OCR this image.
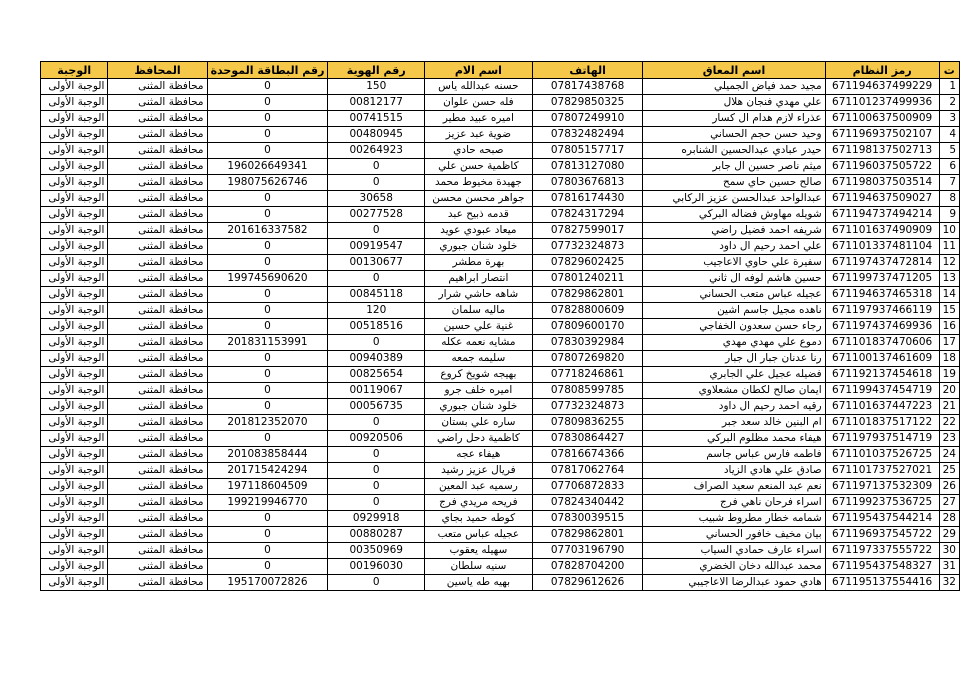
ت	رمز النظام	اسم المعاق	الهاتف	اسم الام	رقم الهوية	رقم البطاقة الموحدة	المحافظ	الوجبة
1	671194637499229	مجيد حمد فياض الجميلي	07817438768	حسنه عبدالله ياس	150	0	محافظة المثنى	الوجبة الأولى
2	671101237499936	علي مهدي فنجان هلال	07829850325	فله حسن علوان	00812177	0	محافظة المثنى	الوجبة الأولى
3	671100637500909	عذراء لازم هدام ال كسار	07807249910	اميره عبيد مطير	00741515	0	محافظة المثنى	الوجبة الأولى
4	671196937502107	وحيد حسن حجم الحساني	07832482494	ضوية عبد عزيز	00480945	0	محافظة المثنى	الوجبة الأولى
5	671198137502713	حيدر عبادي عبدالحسين الشنابره	07805157717	صبحه حادي	00264923	0	محافظة المثنى	الوجبة الأولى
6	671196037505722	ميثم ناصر حسين ال جابر	07813127080	كاظمية حسن علي	0	196026649341	محافظة المثنى	الوجبة الأولى
7	671198037503514	صالح حسين حاي سمح	07803676813	جهيدة مخيوط محمد	0	198075626746	محافظة المثنى	الوجبة الأولى
8	671194637509027	عبدالواحد عبدالحسن عزيز الركابي	07816174430	جواهر محسن محسن	30658	0	محافظة المثنى	الوجبة الأولى
9	671194737494214	شويله مهاوش فضاله البركي	07824317294	قدمه ذبيح عبد	00277528	0	محافظة المثنى	الوجبة الأولى
10	671101637490909	شريفه احمد فضيل راضي	07827599017	ميعاد عبودي عويد	0	201616337582	محافظة المثنى	الوجبة الأولى
11	671101337481104	علي احمد رحيم ال داود	07732324873	خلود شنان جبوري	00919547	0	محافظة المثنى	الوجبة الأولى
12	671197437472814	سفيرة علي حاوي الاعاجيب	07829602425	بهرة مطشر	00130677	0	محافظة المثنى	الوجبة الأولى
13	671199737471205	حسين هاشم لوفه ال ثاني	07801240211	انتصار ابراهيم	0	199745690620	محافظة المثنى	الوجبة الأولى
14	671194637465318	عجيله عباس متعب الحساني	07829862801	شاهه حاشي شرار	00845118	0	محافظة المثنى	الوجبة الأولى
15	671197937466119	ناهده مجيل جاسم اشين	07828800609	ماليه سلمان	120	0	محافظة المثنى	الوجبة الأولى
16	671197437469936	رجاء حسن سعدون الخفاجي	07809600170	غنية علي حسين	00518516	0	محافظة المثنى	الوجبة الأولى
17	671101837470606	دموع علي مهدي مهدي	07830392984	مشايه نعمه عكله	0	201831153991	محافظة المثنى	الوجبة الأولى
18	671100137461609	رنا عدنان جبار ال جبار	07807269820	سليمه جمعه	00940389	0	محافظة المثنى	الوجبة الأولى
19	671192137454618	فضيله عجيل علي الجابري	07718246861	بهيجه شويخ كروع	00825654	0	محافظة المثنى	الوجبة الأولى
20	671199437454719	ايمان صالح لكطان مشعلاوي	07808599785	اميره خلف جرو	00119067	0	محافظة المثنى	الوجبة الأولى
21	671101637447223	رقيه احمد رحيم ال داود	07732324873	خلود شنان جبوري	00056735	0	محافظة المثنى	الوجبة الأولى
22	671101837517122	ام البنين خالد سعد جبر	07809836255	ساره علي بستان	0	201812352070	محافظة المثنى	الوجبة الأولى
23	671197937514719	هيفاء محمد مظلوم البركي	07830864427	كاظمية دحل راضي	00920506	0	محافظة المثنى	الوجبة الأولى
24	671101037526725	فاطمه فارس عباس جاسم	07816674366	هيفاء عجه	0	201083858444	محافظة المثنى	الوجبة الأولى
25	671101737527021	صادق علي هادي الزياد	07817062764	فريال عزيز رشيد	0	201715424294	محافظة المثنى	الوجبة الأولى
26	671197137532309	نعم عبد المنعم سعيد الصراف	07706872833	رسميه عبد المعين	0	197118604509	محافظة المثنى	الوجبة الأولى
27	671199237536725	اسراء فرحان ناهي فرج	07824340442	فريحه مريدي فرج	0	199219946770	محافظة المثنى	الوجبة الأولى
28	671195437544214	شمامه خطار مطروط شبيب	07830039515	كوطه حميد بجاي	0929918	0	محافظة المثنى	الوجبة الأولى
29	671196937545722	بيان مخيف خافور الحساني	07829862801	عجيله عباس متعب	00880287	0	محافظة المثنى	الوجبة الأولى
30	671197337555722	اسراء عارف حمادي السياب	07703196790	سهيله يعقوب	00350969	0	محافظة المثنى	الوجبة الأولى
31	671195437548327	محمد عبدالله دخان الخضري	07828704200	سنيه سلطان	00196030	0	محافظة المثنى	الوجبة الأولى
32	671195137554416	هادي حمود عبدالرضا الاعاجيبي	07829612626	بهيه طه ياسين	0	195170072826	محافظة المثنى	الوجبة الأولى
